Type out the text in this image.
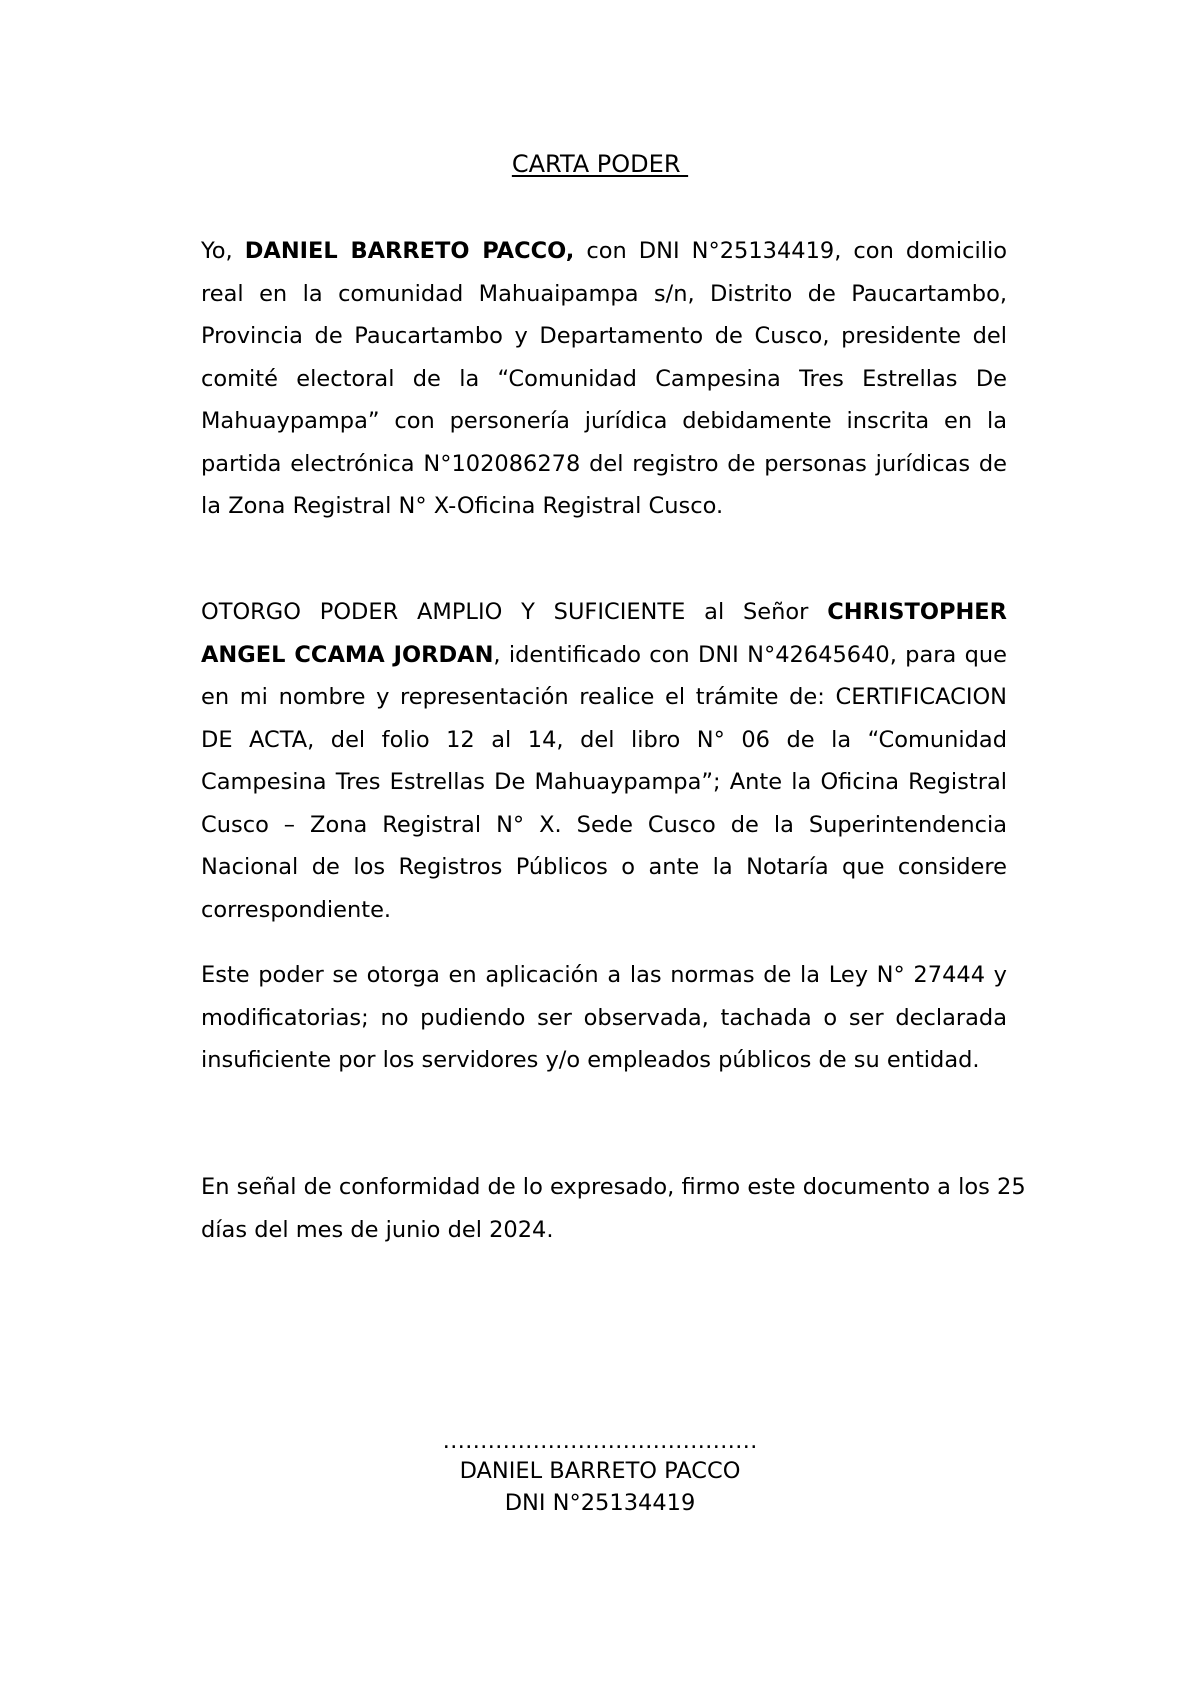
CARTA PODER

Yo, DANIEL BARRETO PACCO, con DNI N°25134419, con domicilio real en la comunidad Mahuaipampa s/n, Distrito de Paucartambo, Provincia de Paucartambo y Departamento de Cusco, presidente del comité electoral de la “Comunidad Campesina Tres Estrellas De Mahuaypampa” con personería jurídica debidamente inscrita en la partida electrónica N°102086278 del registro de personas jurídicas de la Zona Registral N° X-Oficina Registral Cusco.

OTORGO PODER AMPLIO Y SUFICIENTE al Señor CHRISTOPHER ANGEL CCAMA JORDAN, identificado con DNI N°42645640, para que en mi nombre y representación realice el trámite de: CERTIFICACION DE ACTA, del folio 12 al 14, del libro N° 06 de la “Comunidad Campesina Tres Estrellas De Mahuaypampa”; Ante la Oficina Registral Cusco – Zona Registral N° X. Sede Cusco de la Superintendencia Nacional de los Registros Públicos o ante la Notaría que considere correspondiente.

Este poder se otorga en aplicación a las normas de la Ley N° 27444 y modificatorias; no pudiendo ser observada, tachada o ser declarada insuficiente por los servidores y/o empleados públicos de su entidad.

En señal de conformidad de lo expresado, firmo este documento a los 25 días del mes de junio del 2024.

……………………………………
DANIEL BARRETO PACCO
DNI N°25134419
